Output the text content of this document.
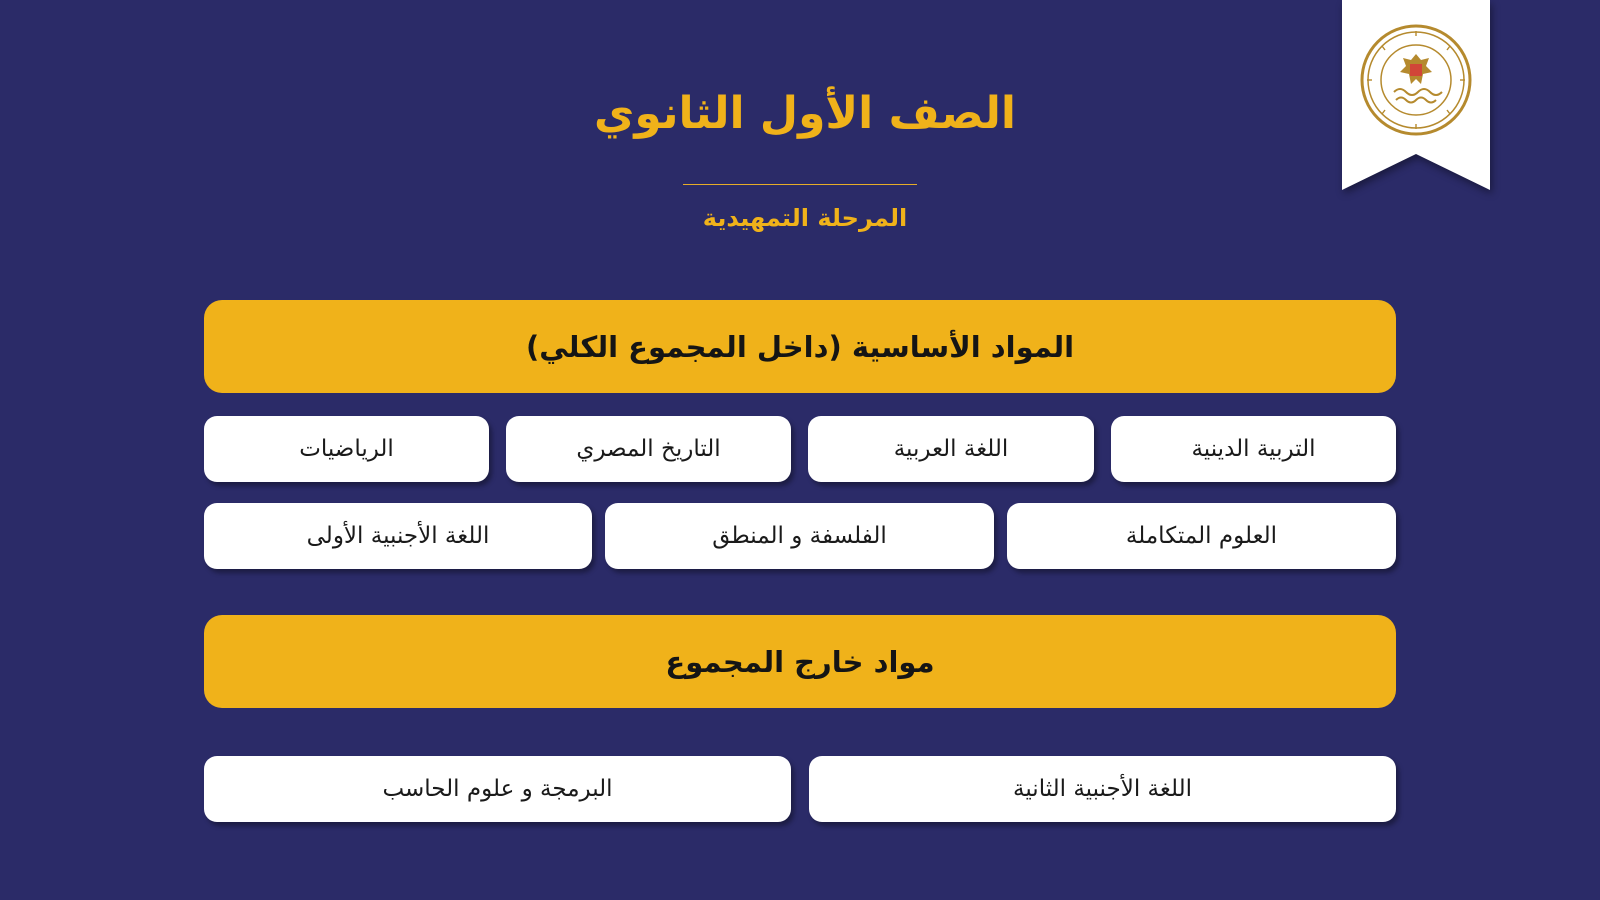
الصف الأول الثانوي
المرحلة التمهيدية
المواد الأساسية (داخل المجموع الكلي)
التربية الدينية
اللغة العربية
التاريخ المصري
الرياضيات
العلوم المتكاملة
الفلسفة و المنطق
اللغة الأجنبية الأولى
مواد خارج المجموع
اللغة الأجنبية الثانية
البرمجة و علوم الحاسب
